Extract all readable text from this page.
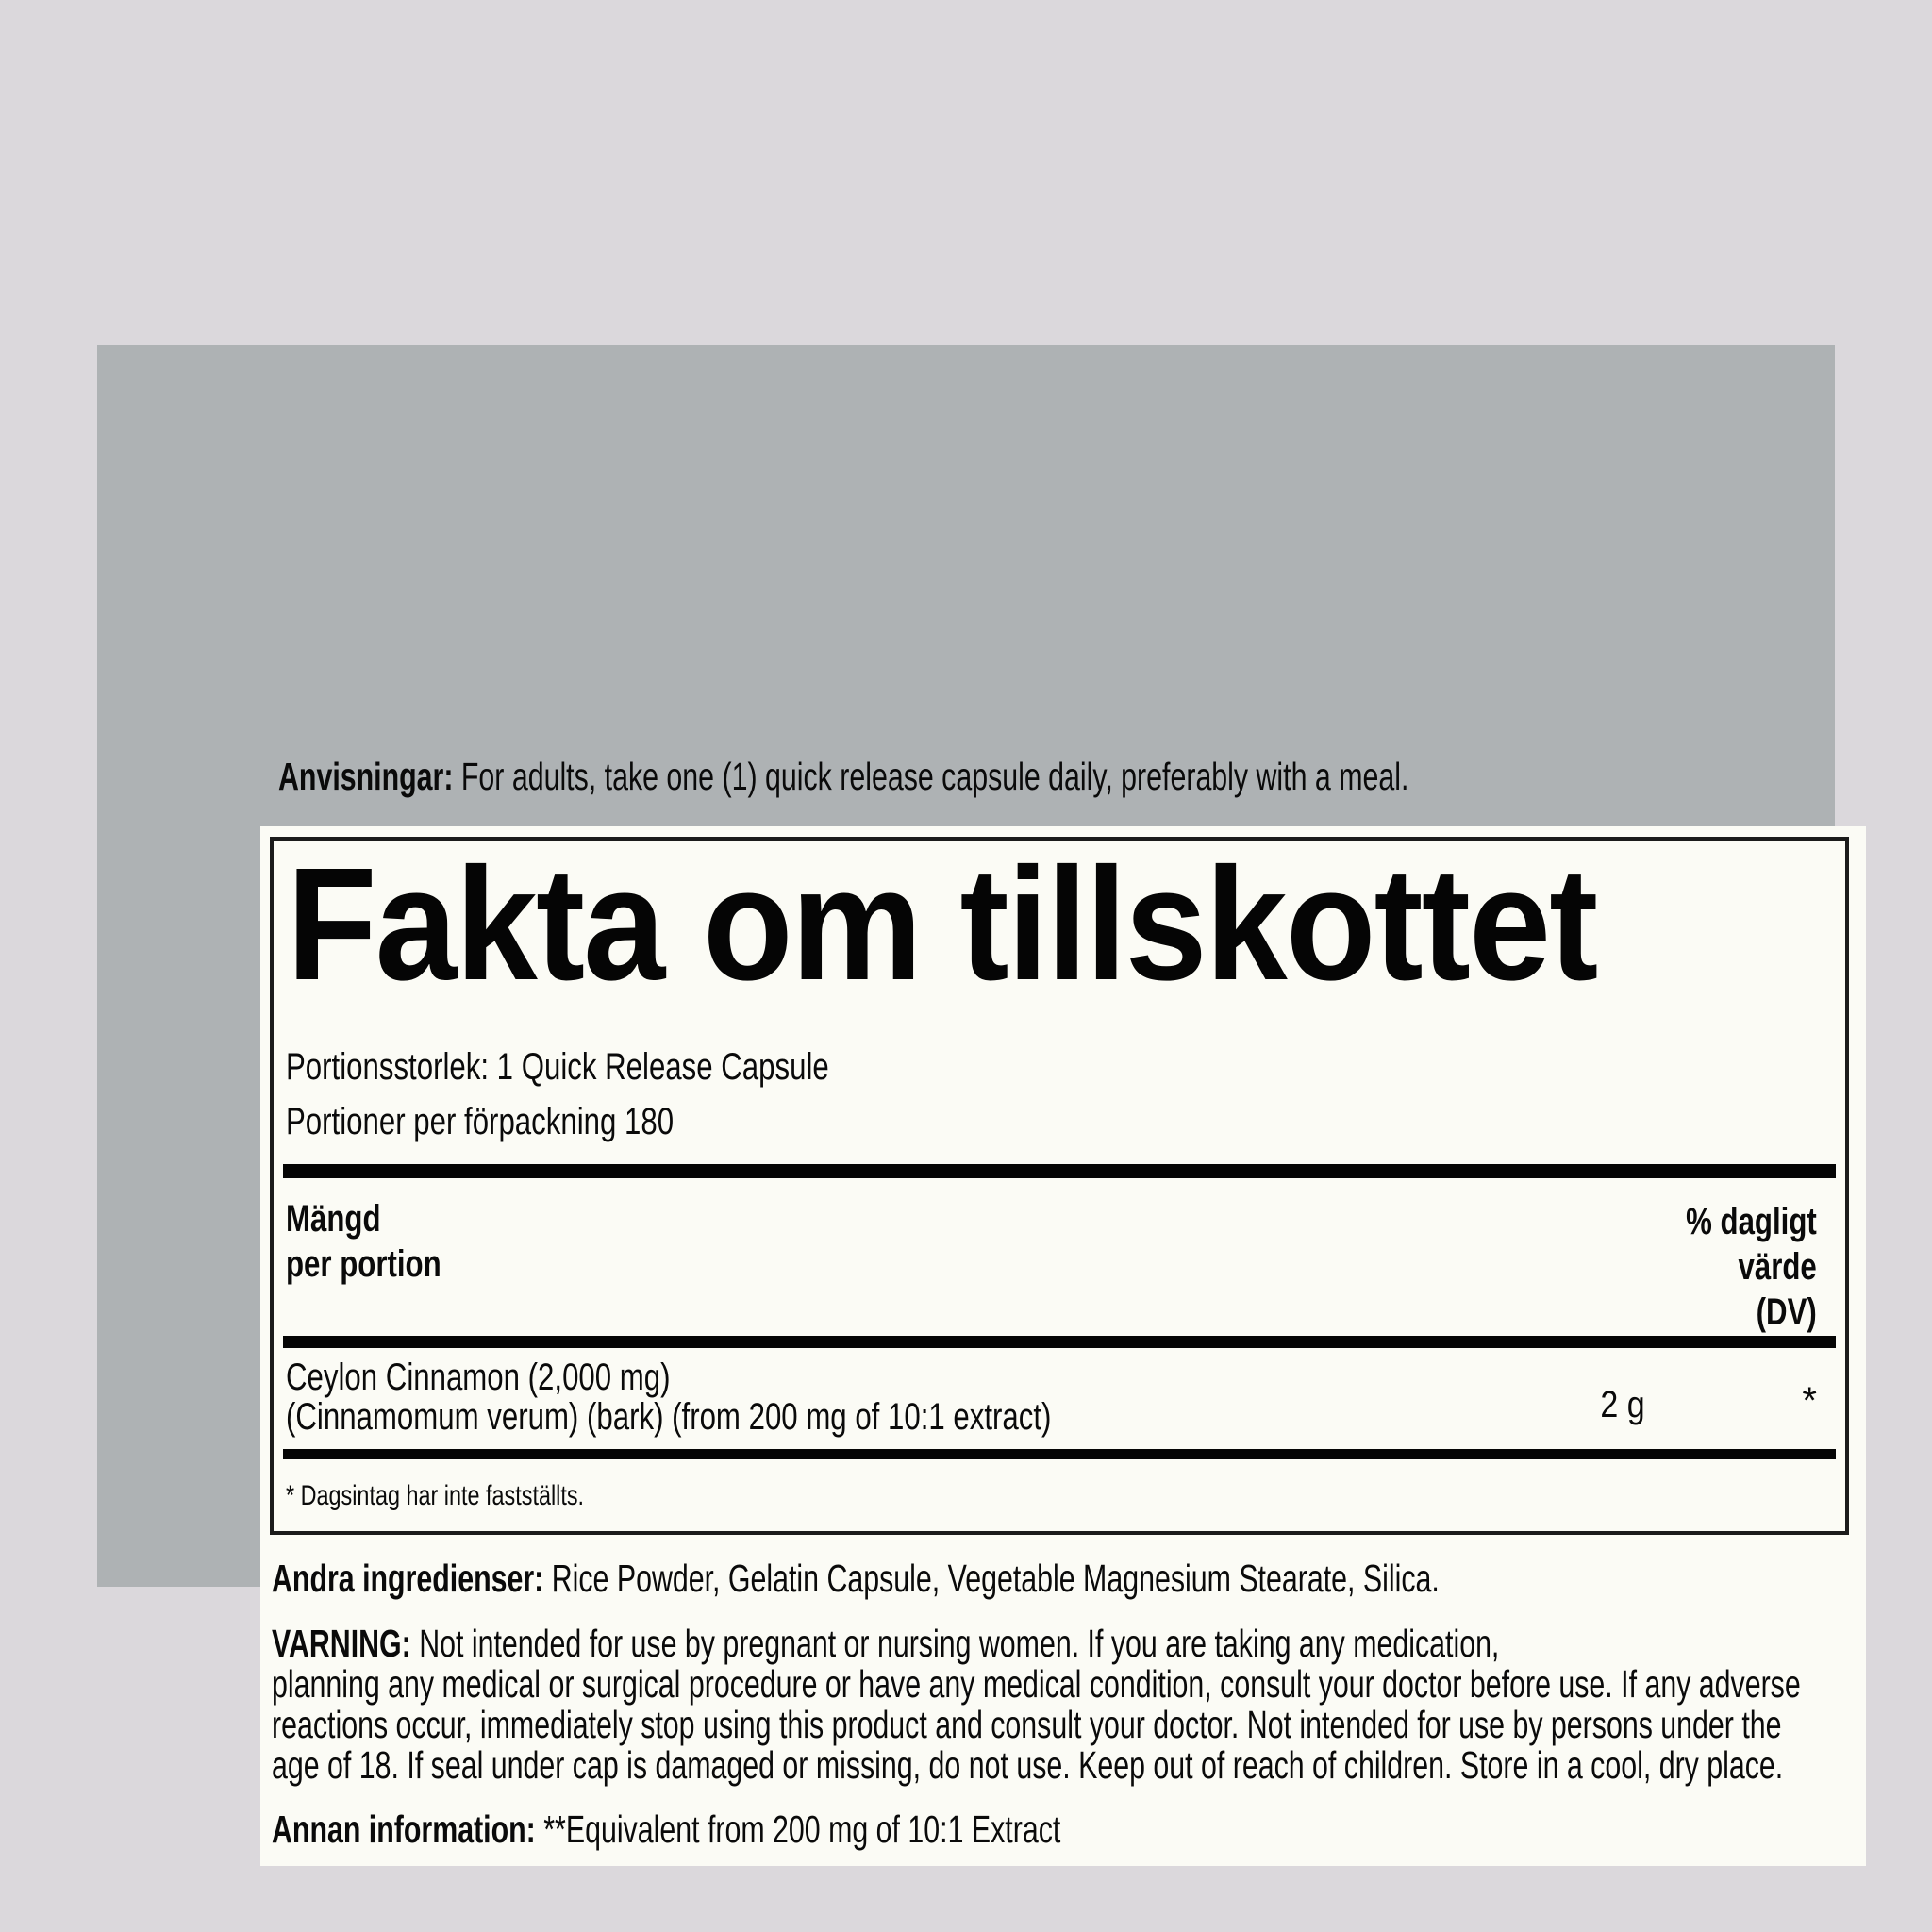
Anvisningar: For adults, take one (1) quick release capsule daily, preferably with a meal.
Fakta om tillskottet
Portionsstorlek: 1 Quick Release Capsule
Portioner per förpackning 180
Mängd
per portion
% dagligt
värde
(DV)
Ceylon Cinnamon (2,000 mg)
(Cinnamomum verum) (bark) (from 200 mg of 10:1 extract)	2 g	*
* Dagsintag har inte fastställts.
Andra ingredienser: Rice Powder, Gelatin Capsule, Vegetable Magnesium Stearate, Silica.
VARNING: Not intended for use by pregnant or nursing women. If you are taking any medication,
planning any medical or surgical procedure or have any medical condition, consult your doctor before use. If any adverse
reactions occur, immediately stop using this product and consult your doctor. Not intended for use by persons under the
age of 18. If seal under cap is damaged or missing, do not use. Keep out of reach of children. Store in a cool, dry place.
Annan information: **Equivalent from 200 mg of 10:1 Extract
